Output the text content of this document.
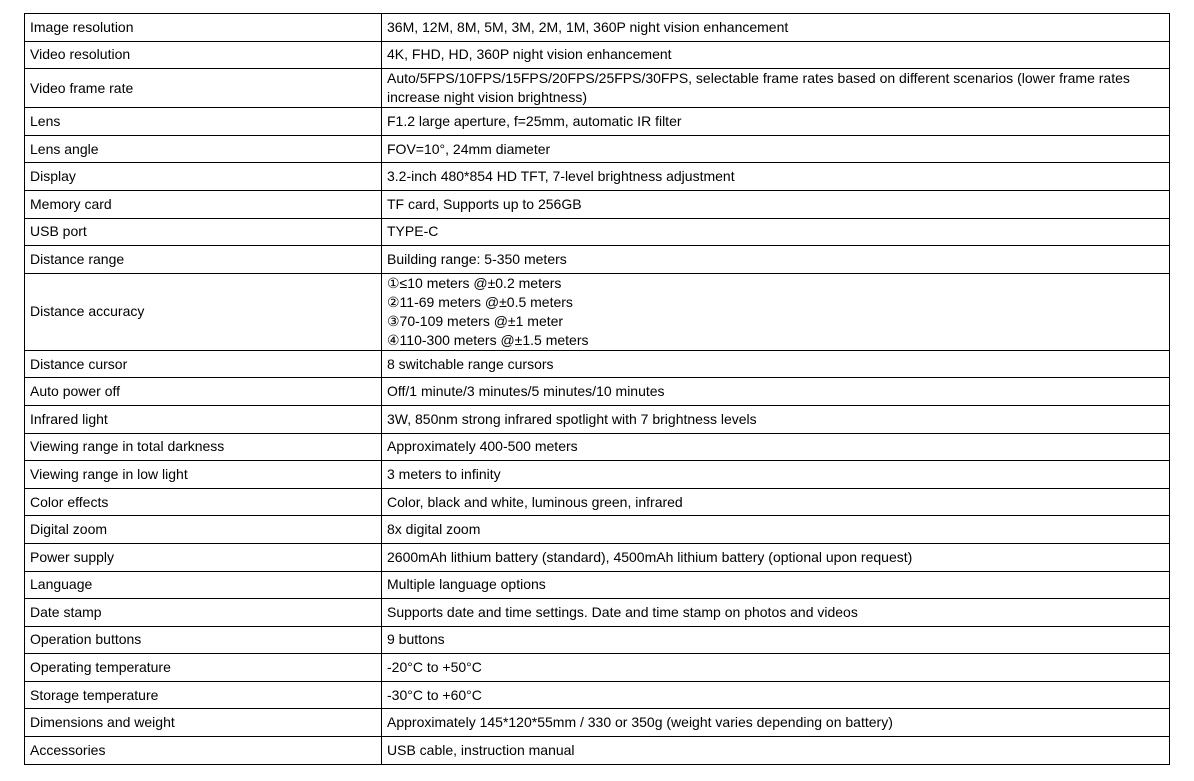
Image resolution	36M, 12M, 8M, 5M, 3M, 2M, 1M, 360P night vision enhancement

Video resolution	4K, FHD, HD, 360P night vision enhancement

Video frame rate	Auto/5FPS/10FPS/15FPS/20FPS/25FPS/30FPS, selectable frame rates based on different scenarios (lower frame rates increase night vision brightness)

Lens	F1.2 large aperture, f=25mm, automatic IR filter

Lens angle	FOV=10°, 24mm diameter

Display	3.2-inch 480*854 HD TFT, 7-level brightness adjustment

Memory card	TF card, Supports up to 256GB

USB port	TYPE-C

Distance range	Building range: 5-350 meters

Distance accuracy	①≤10 meters @±0.2 meters
②11-69 meters @±0.5 meters
③70-109 meters @±1 meter
④110-300 meters @±1.5 meters

Distance cursor	8 switchable range cursors

Auto power off	Off/1 minute/3 minutes/5 minutes/10 minutes

Infrared light	3W, 850nm strong infrared spotlight with 7 brightness levels

Viewing range in total darkness	Approximately 400-500 meters

Viewing range in low light	3 meters to infinity

Color effects	Color, black and white, luminous green, infrared

Digital zoom	8x digital zoom

Power supply	2600mAh lithium battery (standard), 4500mAh lithium battery (optional upon request)

Language	Multiple language options

Date stamp	Supports date and time settings. Date and time stamp on photos and videos

Operation buttons	9 buttons

Operating temperature	-20°C to +50°C

Storage temperature	-30°C to +60°C

Dimensions and weight	Approximately 145*120*55mm / 330 or 350g (weight varies depending on battery)

Accessories	USB cable, instruction manual
